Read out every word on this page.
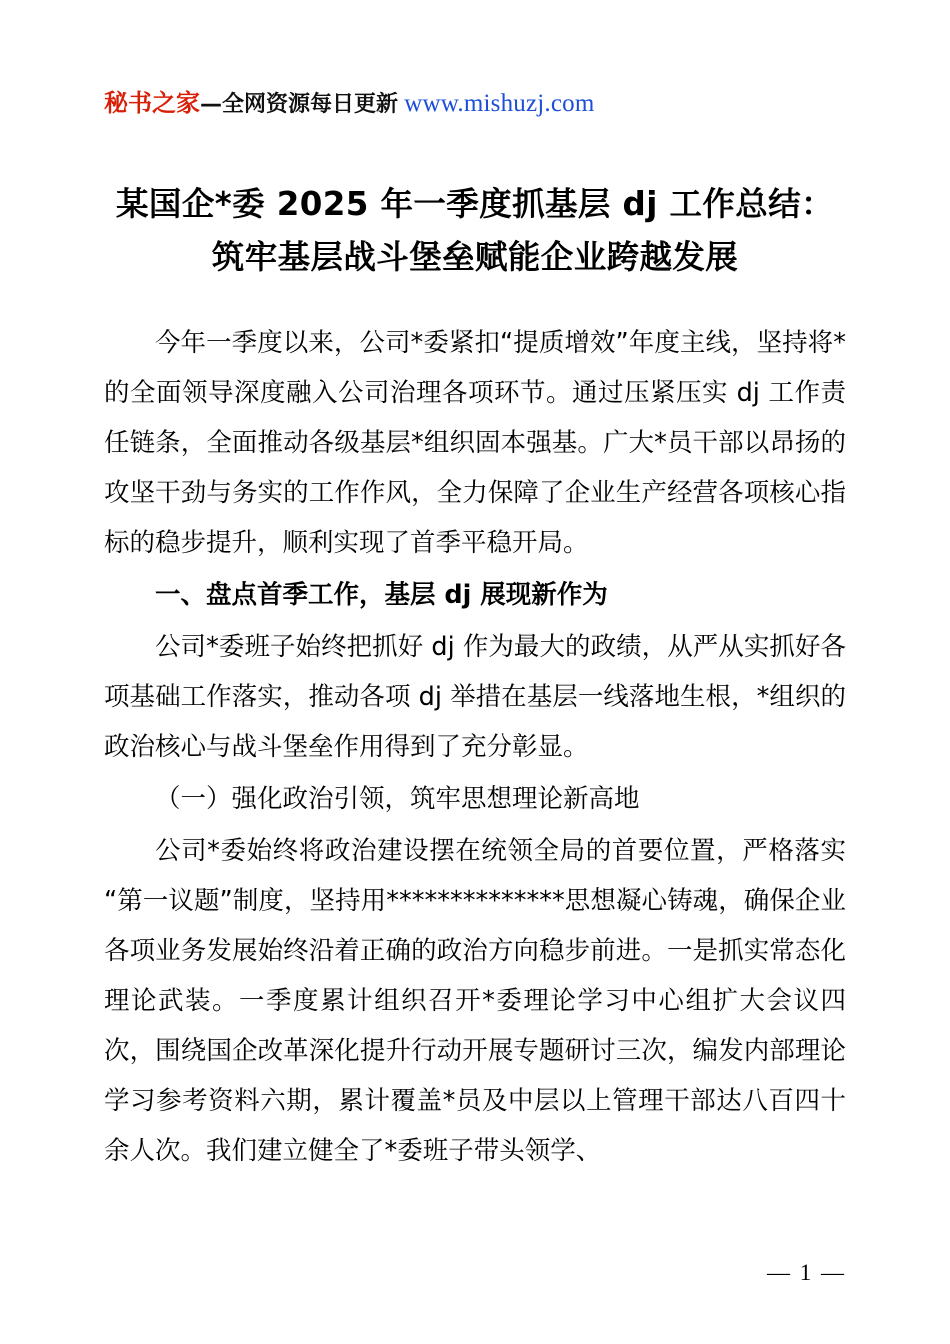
秘书之家—全网资源每日更新 www.mishuzj.com
某国企*委 2025 年一季度抓基层 dj 工作总结：
筑牢基层战斗堡垒赋能企业跨越发展

今年一季度以来，公司*委紧扣“提质增效”年度主线，坚持将*的全面领导深度融入公司治理各项环节。通过压紧压实 dj 工作责任链条，全面推动各级基层*组织固本强基。广大*员干部以昂扬的攻坚干劲与务实的工作作风，全力保障了企业生产经营各项核心指标的稳步提升，顺利实现了首季平稳开局。

一、盘点首季工作，基层 dj 展现新作为

公司*委班子始终把抓好 dj 作为最大的政绩，从严从实抓好各项基础工作落实，推动各项 dj 举措在基层一线落地生根，*组织的政治核心与战斗堡垒作用得到了充分彰显。

（一）强化政治引领，筑牢思想理论新高地

公司*委始终将政治建设摆在统领全局的首要位置，严格落实“第一议题”制度，坚持用**************思想凝心铸魂，确保企业各项业务发展始终沿着正确的政治方向稳步前进。一是抓实常态化理论武装。一季度累计组织召开*委理论学习中心组扩大会议四次，围绕国企改革深化提升行动开展专题研讨三次，编发内部理论学习参考资料六期，累计覆盖*员及中层以上管理干部达八百四十余人次。我们建立健全了*委班子带头领学、

— 1 —
